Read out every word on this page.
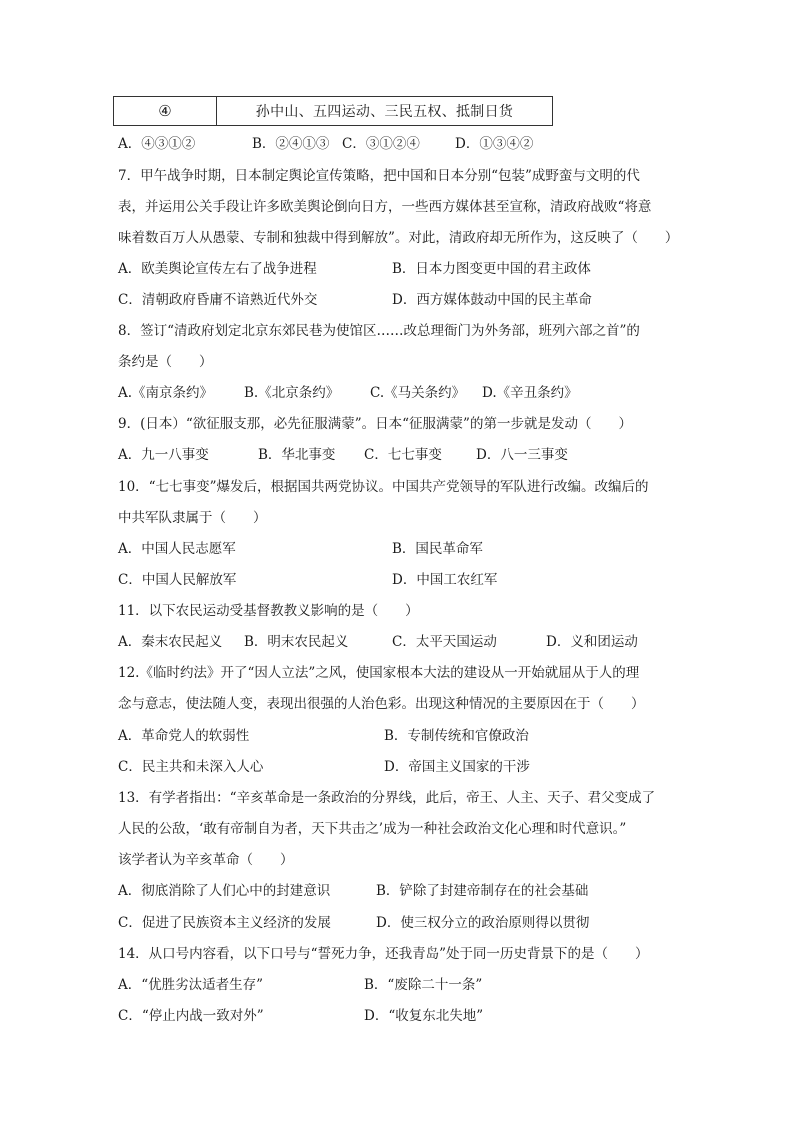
④	孙中山、五四运动、三民五权、抵制日货
A．④③①②	B．②④①③ C．③①②④	D．①③④②
7．甲午战争时期，日本制定舆论宣传策略，把中国和日本分别“包装”成野蛮与文明的代
表，并运用公关手段让许多欧美舆论倒向日方，一些西方媒体甚至宣称，清政府战败“将意
味着数百万人从愚蒙、专制和独裁中得到解放”。对此，清政府却无所作为，这反映了（　　）
A．欧美舆论宣传左右了战争进程	B．日本力图变更中国的君主政体
C．清朝政府昏庸不谙熟近代外交	D．西方媒体鼓动中国的民主革命
8．签订“清政府划定北京东郊民巷为使馆区……改总理衙门为外务部，班列六部之首”的
条约是（　　）
A.《南京条约》 B.《北京条约》 C.《马关条约》 D.《辛丑条约》
9．(日本）“欲征服支那，必先征服满蒙”。日本“征服满蒙”的第一步就是发动（　　）
A．九一八事变	B．华北事变 C．七七事变	D．八一三事变
10．“七七事变”爆发后，根据国共两党协议。中国共产党领导的军队进行改编。改编后的
中共军队隶属于（　　）
A．中国人民志愿军	B．国民革命军
C．中国人民解放军	D．中国工农红军
11．以下农民运动受基督教教义影响的是（　　）
A．秦末农民起义 B．明末农民起义	C．太平天国运动	D．义和团运动
12.《临时约法》开了“因人立法”之风，使国家根本大法的建设从一开始就屈从于人的理
念与意志，使法随人变，表现出很强的人治色彩。出现这种情况的主要原因在于（　　）
A．革命党人的软弱性	B．专制传统和官僚政治
C．民主共和未深入人心	D．帝国主义国家的干涉
13．有学者指出：“辛亥革命是一条政治的分界线，此后，帝王、人主、天子、君父变成了
人民的公敌，‘敢有帝制自为者，天下共击之’成为一种社会政治文化心理和时代意识。”
该学者认为辛亥革命（　　）
A．彻底消除了人们心中的封建意识	B．铲除了封建帝制存在的社会基础
C．促进了民族资本主义经济的发展	D．使三权分立的政治原则得以贯彻
14．从口号内容看，以下口号与“誓死力争，还我青岛”处于同一历史背景下的是（　　）
A．“优胜劣汰适者生存”	B．“废除二十一条”
C．“停止内战一致对外”	D．“收复东北失地”
